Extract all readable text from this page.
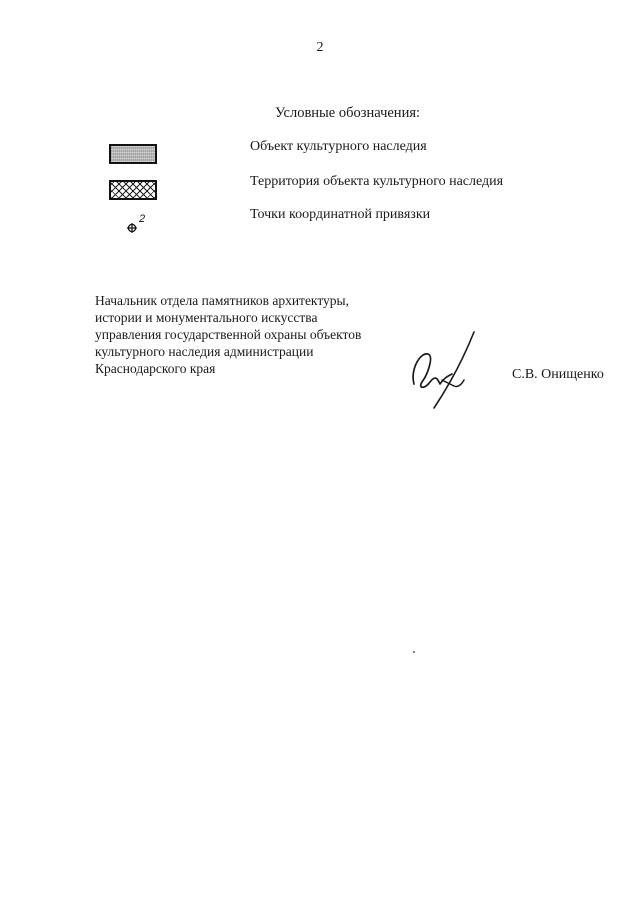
2
Условные обозначения:
Объект культурного наследия
Территория объекта культурного наследия
2	Точки координатной привязки
Начальник отдела памятников архитектуры,
истории и монументального искусства
управления государственной охраны объектов
культурного наследия администрации
Краснодарского края	С.В. Онищенко
